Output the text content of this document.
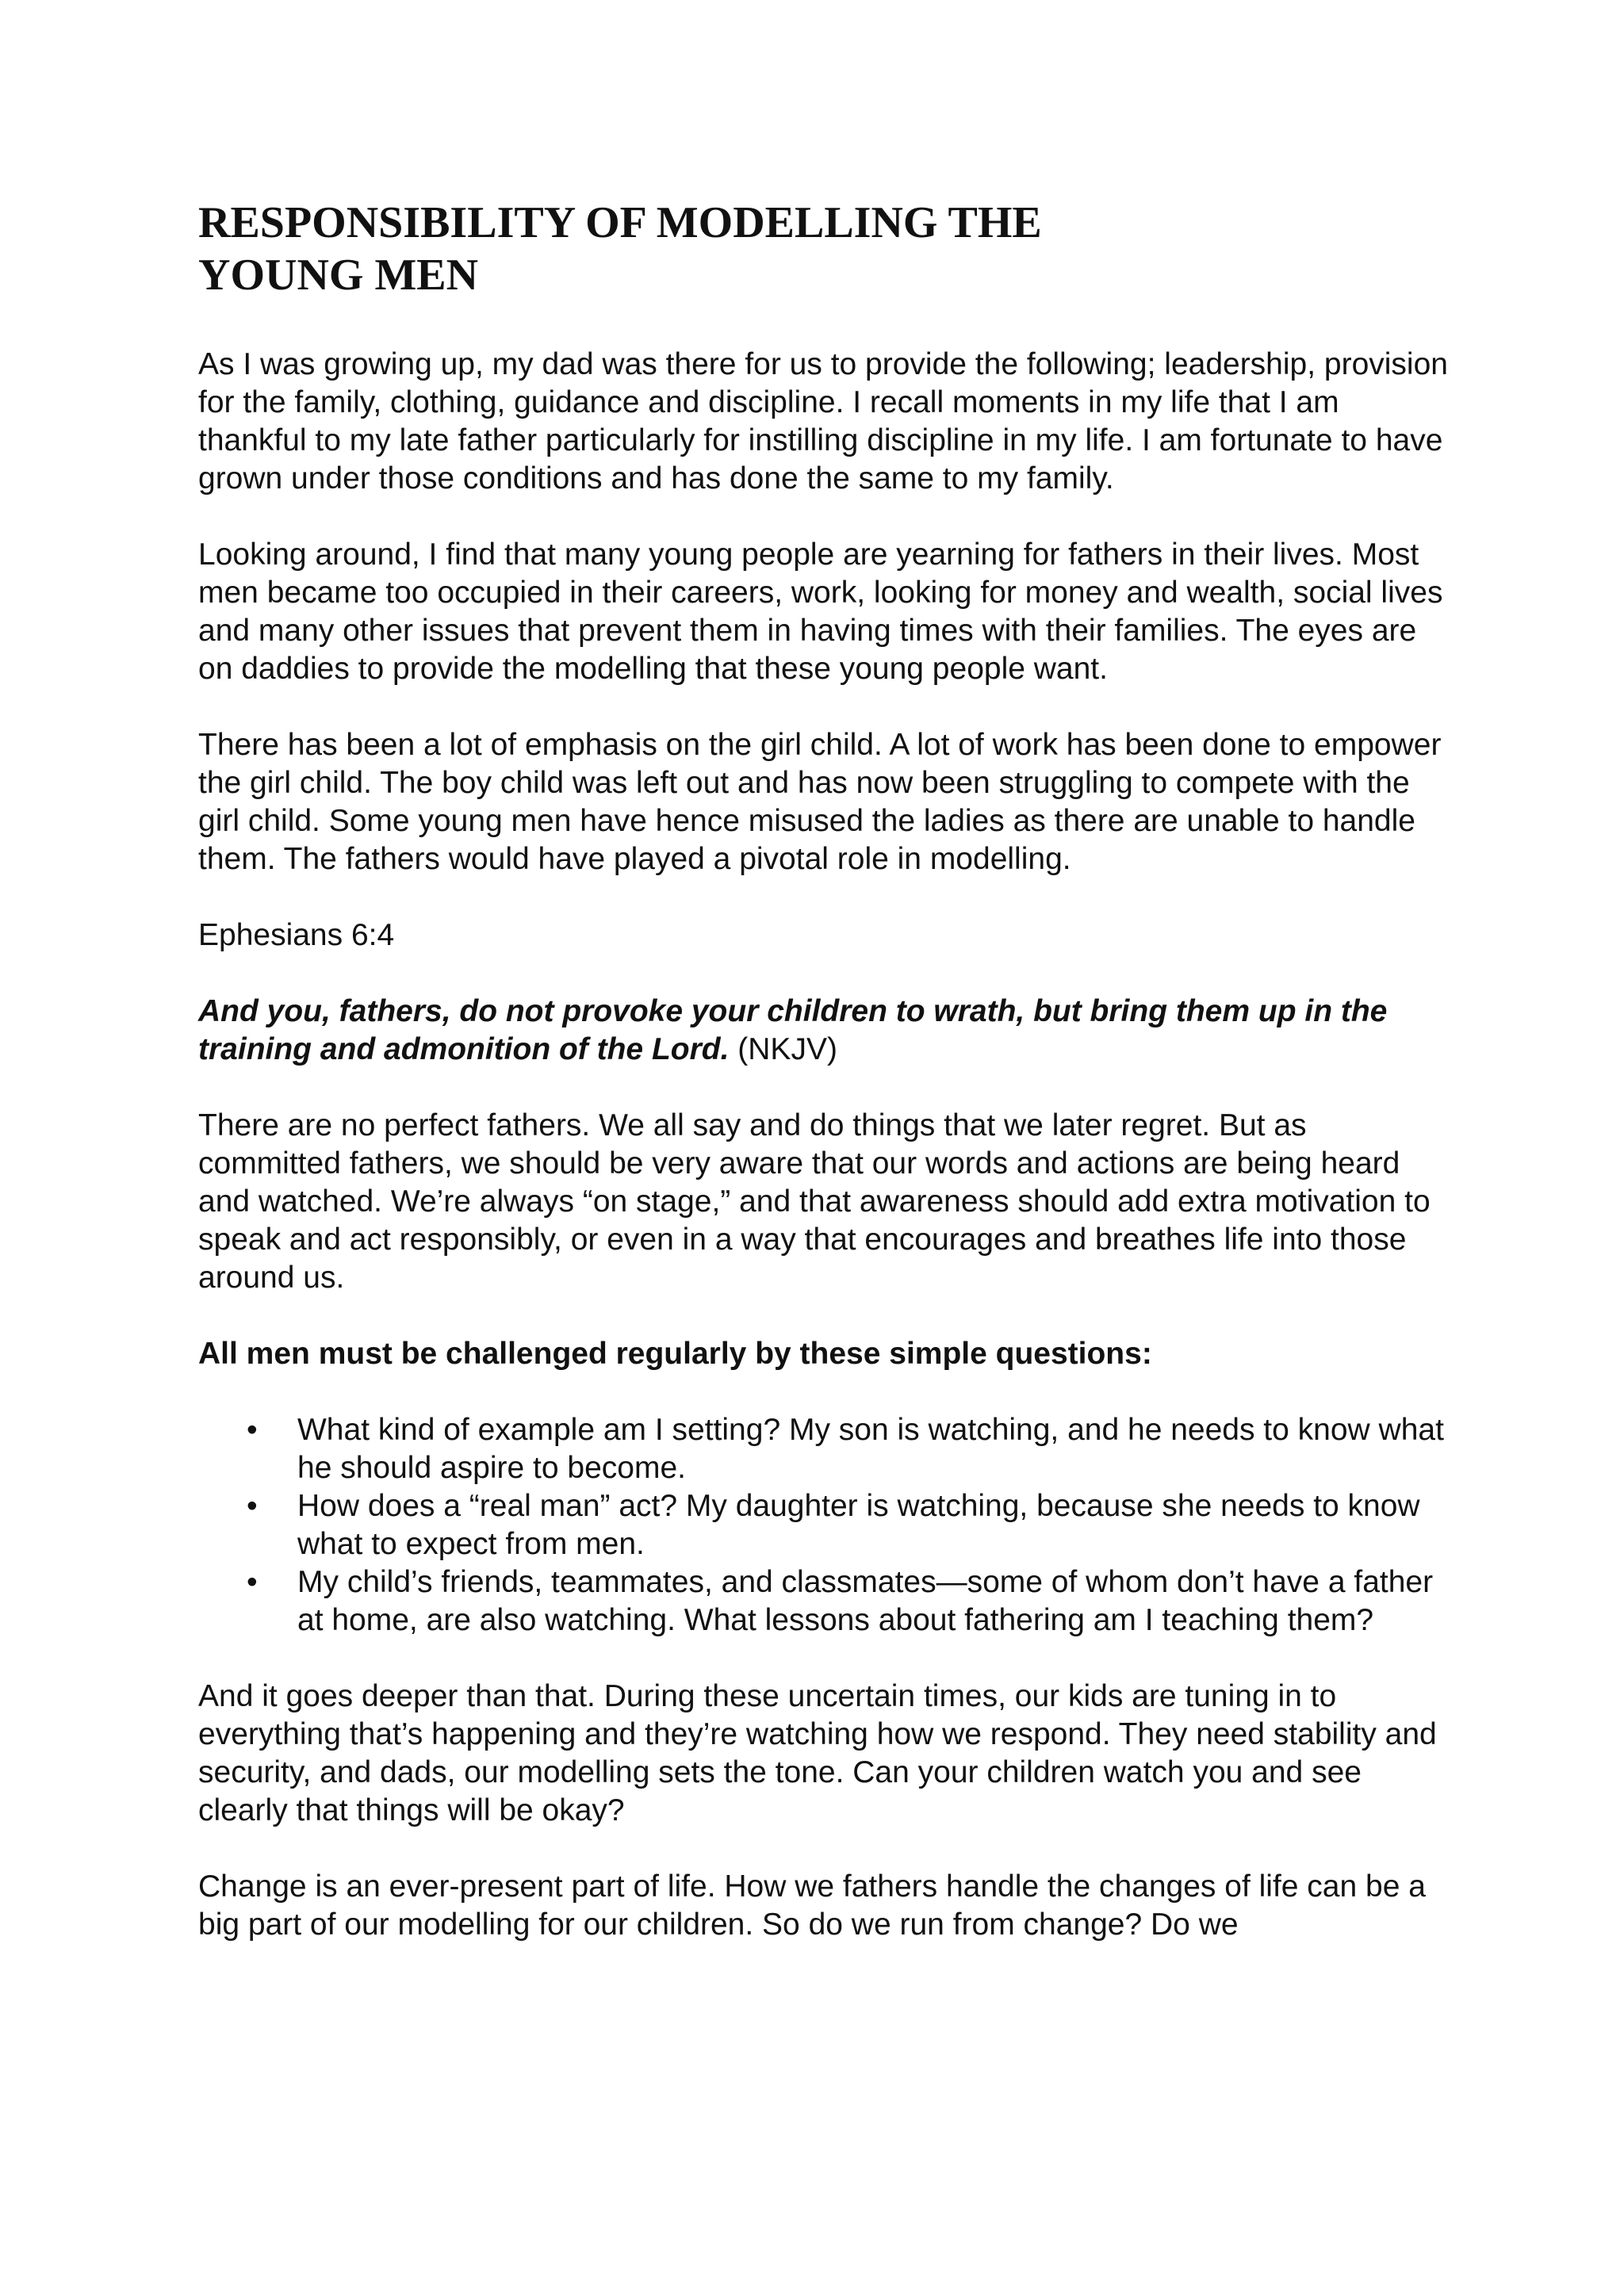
RESPONSIBILITY OF MODELLING THE
YOUNG MEN

As I was growing up, my dad was there for us to provide the following; leadership, provision for the family, clothing, guidance and discipline. I recall moments in my life that I am thankful to my late father particularly for instilling discipline in my life. I am fortunate to have grown under those conditions and has done the same to my family.

Looking around, I find that many young people are yearning for fathers in their lives. Most men became too occupied in their careers, work, looking for money and wealth, social lives and many other issues that prevent them in having times with their families. The eyes are on daddies to provide the modelling that these young people want.

There has been a lot of emphasis on the girl child. A lot of work has been done to empower the girl child. The boy child was left out and has now been struggling to compete with the girl child. Some young men have hence misused the ladies as there are unable to handle them. The fathers would have played a pivotal role in modelling.

Ephesians 6:4

And you, fathers, do not provoke your children to wrath, but bring them up in the training and admonition of the Lord. (NKJV)

There are no perfect fathers. We all say and do things that we later regret. But as committed fathers, we should be very aware that our words and actions are being heard and watched. We’re always “on stage,” and that awareness should add extra motivation to speak and act responsibly, or even in a way that encourages and breathes life into those around us.

All men must be challenged regularly by these simple questions:

• What kind of example am I setting? My son is watching, and he needs to know what he should aspire to become.
• How does a “real man” act? My daughter is watching, because she needs to know what to expect from men.
• My child’s friends, teammates, and classmates—some of whom don’t have a father at home, are also watching. What lessons about fathering am I teaching them?

And it goes deeper than that. During these uncertain times, our kids are tuning in to everything that’s happening and they’re watching how we respond. They need stability and security, and dads, our modelling sets the tone. Can your children watch you and see clearly that things will be okay?

Change is an ever-present part of life. How we fathers handle the changes of life can be a big part of our modelling for our children. So do we run from change? Do we
